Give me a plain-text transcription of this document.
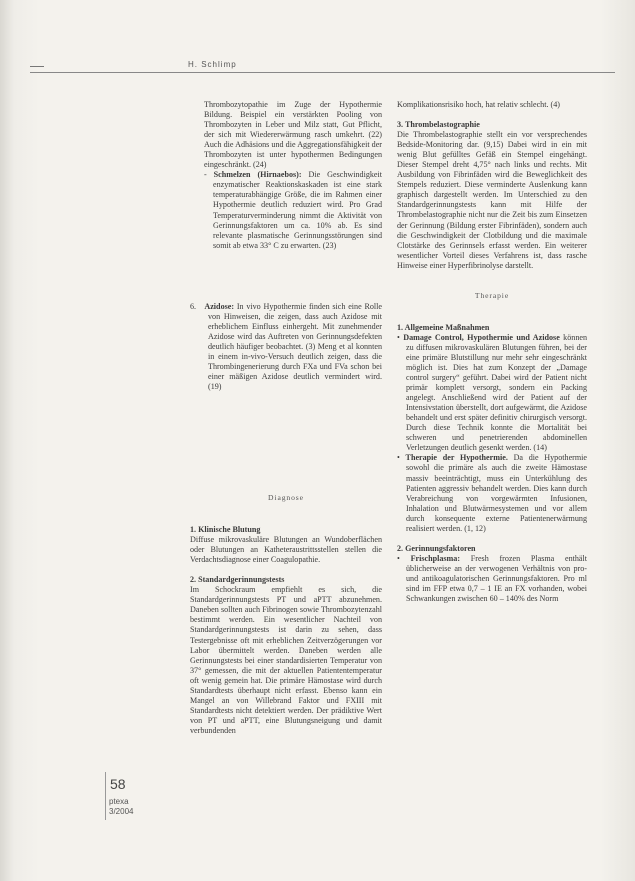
H. Schlimp

Thrombozytopathie im Zuge der Hypothermie Bildung. Beispiel ein verstärkten Pooling von Thrombozyten in Leber und Milz statt, Gut Pflicht, der sich mit Wiedererwärmung rasch umkehrt. (22) Auch die Adhäsions und die Aggregationsfähigkeit der Thrombozyten ist unter hypothermen Bedingungen eingeschränkt. (24)

- Schmelzen (Hirnaebos): Die Geschwindigkeit enzymatischer Reaktionskaskaden ist eine stark temperaturabhängige Größe, die im Rahmen einer Hypothermie deutlich reduziert wird. Pro Grad Temperaturverminderung nimmt die Aktivität von Gerinnungsfaktoren um ca. 10% ab. Es sind relevante plasmatische Gerinnungsstörungen sind somit ab etwa 33° C zu erwarten. (23)

6. Azidose: In vivo Hypothermie finden sich eine Rolle von Hinweisen, die zeigen, dass auch Azidose mit erheblichem Einfluss einhergeht. Mit zunehmender Azidose wird das Auftreten von Gerinnungsdefekten deutlich häufiger beobachtet. (3) Meng et al konnten in einem in-vivo-Versuch deutlich zeigen, dass die Thrombingenerierung durch FXa und FVa schon bei einer mäßigen Azidose deutlich vermindert wird. (19)

Diagnose

1. Klinische Blutung

Diffuse mikrovaskuläre Blutungen an Wundoberflächen oder Blutungen an Katheteraustrittsstellen stellen die Verdachtsdiagnose einer Coagulopathie.

2. Standardgerinnungstests

Im Schockraum empfiehlt es sich, die Standardgerinnungstests PT und aPTT abzunehmen. Daneben sollten auch Fibrinogen sowie Thrombozytenzahl bestimmt werden. Ein wesentlicher Nachteil von Standardgerinnungstests ist darin zu sehen, dass Testergebnisse oft mit erheblichen Zeitverzögerungen vor Labor übermittelt werden. Daneben werden alle Gerinnungstests bei einer standardisierten Temperatur von 37° gemessen, die mit der aktuellen Patiententemperatur oft wenig gemein hat. Die primäre Hämostase wird durch Standardtests überhaupt nicht erfasst. Ebenso kann ein Mangel an von Willebrand Faktor und FXIII mit Standardtests nicht detektiert werden. Der prädiktive Wert von PT und aPTT, eine Blutungsneigung und damit verbundenden

Komplikationsrisiko hoch, hat relativ schlecht. (4)

3. Thrombelastographie

Die Thrombelastographie stellt ein vor versprechendes Bedside-Monitoring dar. (9,15) Dabei wird in ein mit wenig Blut gefülltes Gefäß ein Stempel eingehängt. Dieser Stempel dreht 4,75° nach links und rechts. Mit Ausbildung von Fibrinfäden wird die Beweglichkeit des Stempels reduziert. Diese verminderte Auslenkung kann graphisch dargestellt werden. Im Unterschied zu den Standardgerinnungstests kann mit Hilfe der Thrombelastographie nicht nur die Zeit bis zum Einsetzen der Gerinnung (Bildung erster Fibrinfäden), sondern auch die Geschwindigkeit der Clotbildung und die maximale Clotstärke des Gerinnsels erfasst werden. Ein weiterer wesentlicher Vorteil dieses Verfahrens ist, dass rasche Hinweise einer Hyperfibrinolyse darstellt.

Therapie

1. Allgemeine Maßnahmen

• Damage Control, Hypothermie und Azidose können zu diffusen mikrovaskulären Blutungen führen, bei der eine primäre Blutstillung nur mehr sehr eingeschränkt möglich ist. Dies hat zum Konzept der „Damage control surgery“ geführt. Dabei wird der Patient nicht primär komplett versorgt, sondern ein Packing angelegt. Anschließend wird der Patient auf der Intensivstation überstellt, dort aufgewärmt, die Azidose behandelt und erst später definitiv chirurgisch versorgt. Durch diese Technik konnte die Mortalität bei schweren und penetrierenden abdominellen Verletzungen deutlich gesenkt werden. (14)

• Therapie der Hypothermie. Da die Hypothermie sowohl die primäre als auch die zweite Hämostase massiv beeinträchtigt, muss ein Unterkühlung des Patienten aggressiv behandelt werden. Dies kann durch Verabreichung von vorgewärmten Infusionen, Inhalation und Blutwärmesystemen und vor allem durch konsequente externe Patientenerwärmung realisiert werden. (1, 12)

2. Gerinnungsfaktoren

• Frischplasma: Fresh frozen Plasma enthält üblicherweise an der verwogenen Verhältnis von pro- und antikoagulatorischen Gerinnungsfaktoren. Pro ml sind im FFP etwa 0,7 – 1 IE an FX vorhanden, wobei Schwankungen zwischen 60 – 140% des Norm

58
ptexa
3/2004
